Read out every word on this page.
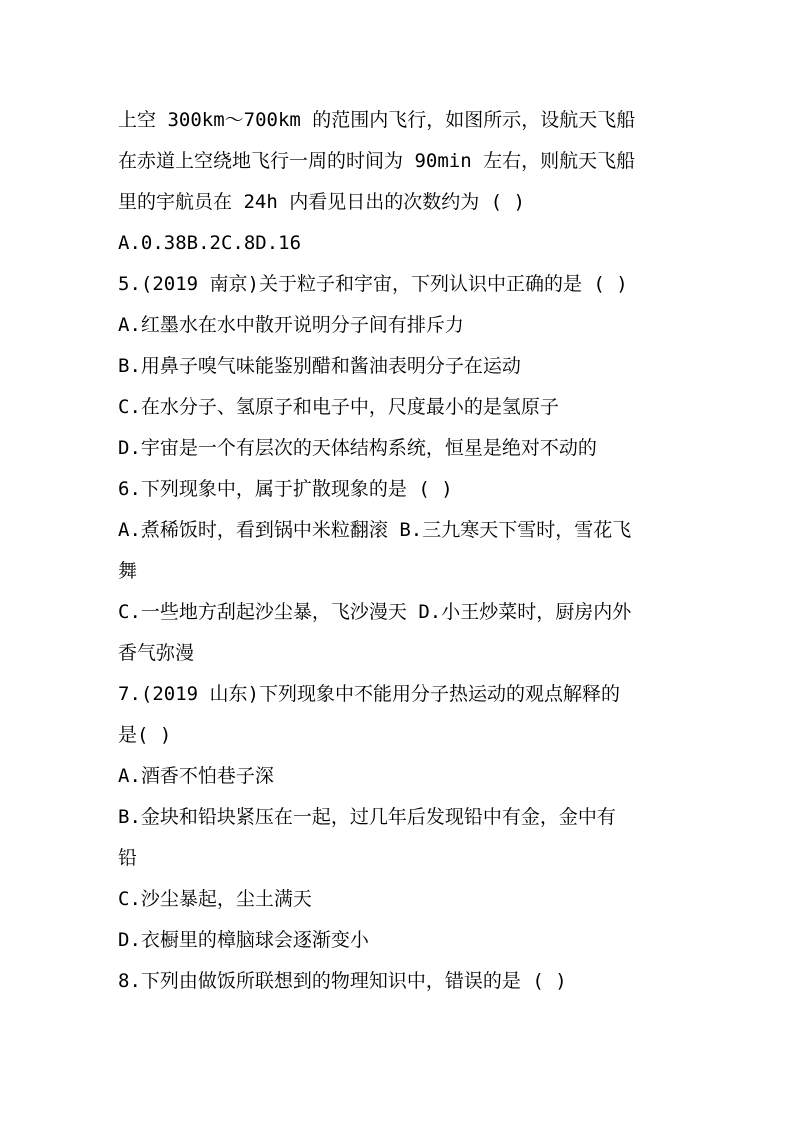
上空 300km～700km 的范围内飞行，如图所示，设航天飞船
在赤道上空绕地飞行一周的时间为 90min 左右，则航天飞船
里的宇航员在 24h 内看见日出的次数约为 ( )
A.0.38B.2C.8D.16
5.(2019 南京)关于粒子和宇宙，下列认识中正确的是 ( )
A.红墨水在水中散开说明分子间有排斥力
B.用鼻子嗅气味能鉴别醋和酱油表明分子在运动
C.在水分子、氢原子和电子中，尺度最小的是氢原子
D.宇宙是一个有层次的天体结构系统，恒星是绝对不动的
6.下列现象中，属于扩散现象的是 ( )
A.煮稀饭时，看到锅中米粒翻滚 B.三九寒天下雪时，雪花飞
舞
C.一些地方刮起沙尘暴，飞沙漫天 D.小王炒菜时，厨房内外
香气弥漫
7.(2019 山东)下列现象中不能用分子热运动的观点解释的
是( )
A.酒香不怕巷子深
B.金块和铅块紧压在一起，过几年后发现铅中有金，金中有
铅
C.沙尘暴起，尘土满天
D.衣橱里的樟脑球会逐渐变小
8.下列由做饭所联想到的物理知识中，错误的是 ( )
